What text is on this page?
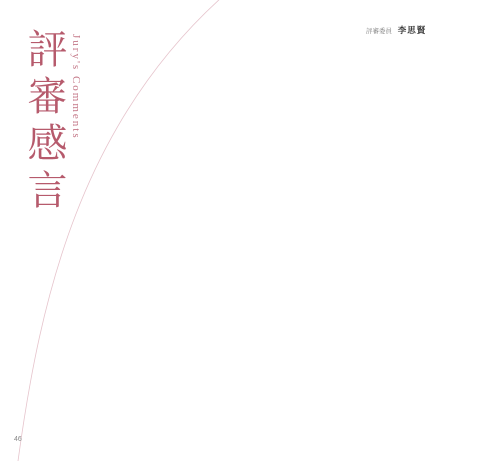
評審感言 Jury's Comments
評審委員 李思賢
46
